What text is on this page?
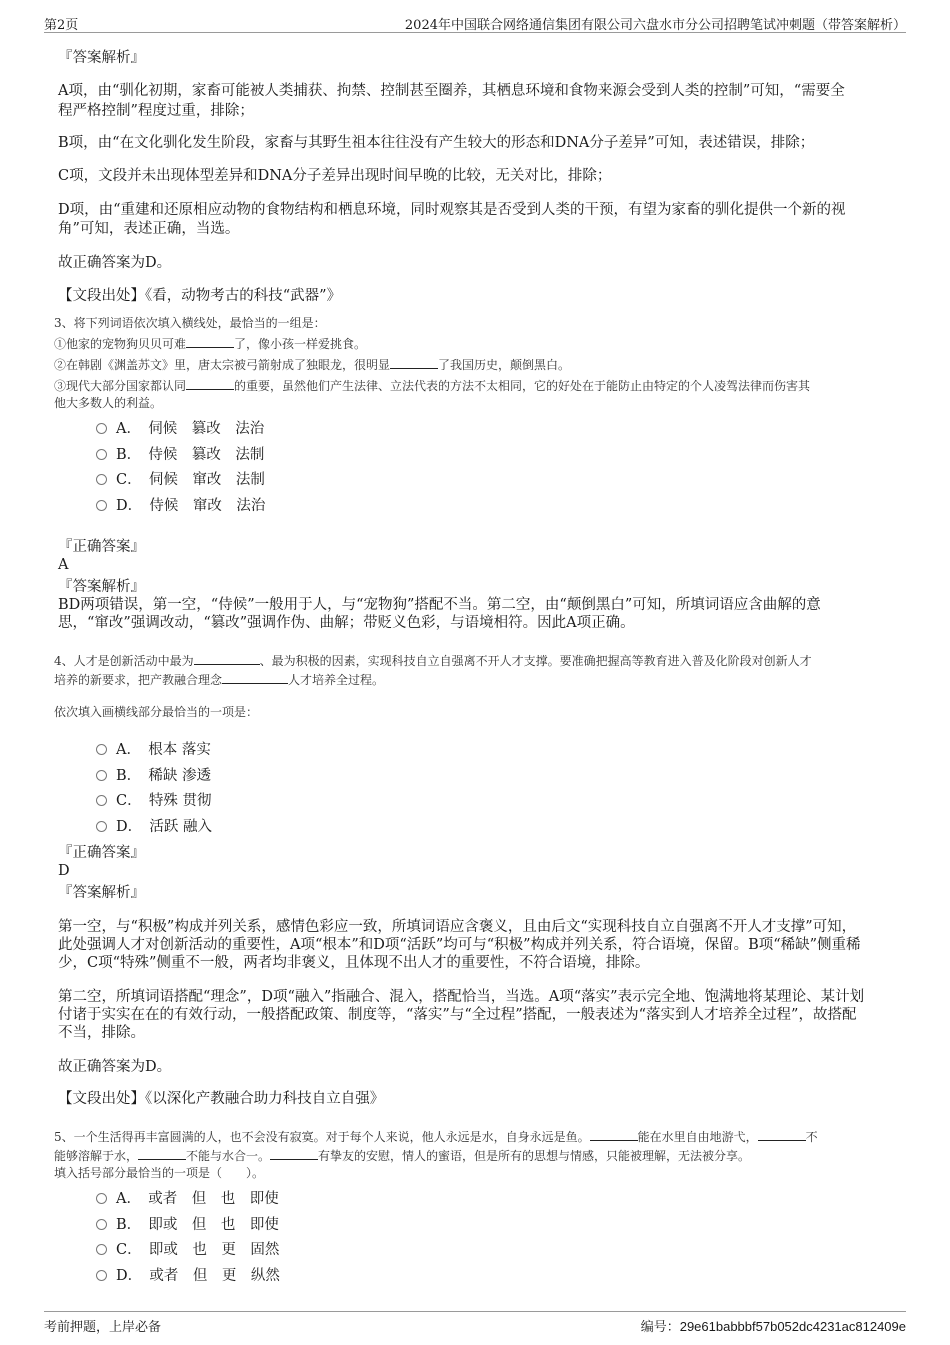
第2页	2024年中国联合网络通信集团有限公司六盘水市分公司招聘笔试冲刺题（带答案解析）
『答案解析』
A项，由“驯化初期，家畜可能被人类捕获、拘禁、控制甚至圈养，其栖息环境和食物来源会受到人类的控制”可知，“需要全
程严格控制”程度过重，排除；
B项，由“在文化驯化发生阶段，家畜与其野生祖本往往没有产生较大的形态和DNA分子差异”可知，表述错误，排除；
C项，文段并未出现体型差异和DNA分子差异出现时间早晚的比较，无关对比，排除；
D项，由“重建和还原相应动物的食物结构和栖息环境，同时观察其是否受到人类的干预，有望为家畜的驯化提供一个新的视
角”可知，表述正确，当选。
故正确答案为D。
【文段出处】《看，动物考古的科技“武器”》
3、将下列词语依次填入横线处，最恰当的一组是：
①他家的宠物狗贝贝可难	了，像小孩一样爱挑食。
②在韩剧《渊盖苏文》里，唐太宗被弓箭射成了独眼龙，很明显	了我国历史，颠倒黑白。
③现代大部分国家都认同	的重要，虽然他们产生法律、立法代表的方法不太相同，它的好处在于能防止由特定的个人凌驾法律而伤害其
他大多数人的利益。
A．　伺候　篡改　法治
B．　侍候　篡改　法制
C．　伺候　窜改　法制
D．　侍候　窜改　法治
『正确答案』
A
『答案解析』
BD两项错误，第一空，“侍候”一般用于人，与“宠物狗”搭配不当。第二空，由“颠倒黑白”可知，所填词语应含曲解的意
思，“窜改”强调改动，“篡改”强调作伪、曲解；带贬义色彩，与语境相符。因此A项正确。
4、人才是创新活动中最为	、最为积极的因素，实现科技自立自强离不开人才支撑。要准确把握高等教育进入普及化阶段对创新人才
培养的新要求，把产教融合理念	人才培养全过程。
依次填入画横线部分最恰当的一项是：
A．　根本 落实
B．　稀缺 渗透
C．　特殊 贯彻
D．　活跃 融入
『正确答案』
D
『答案解析』
第一空，与“积极”构成并列关系，感情色彩应一致，所填词语应含褒义，且由后文“实现科技自立自强离不开人才支撑”可知，
此处强调人才对创新活动的重要性，A项“根本”和D项“活跃”均可与“积极”构成并列关系，符合语境，保留。B项“稀缺”侧重稀
少，C项“特殊”侧重不一般，两者均非褒义，且体现不出人才的重要性，不符合语境，排除。
第二空，所填词语搭配“理念”，D项“融入”指融合、混入，搭配恰当，当选。A项“落实”表示完全地、饱满地将某理论、某计划
付诸于实实在在的有效行动，一般搭配政策、制度等，“落实”与“全过程”搭配，一般表述为“落实到人才培养全过程”，故搭配
不当，排除。
故正确答案为D。
【文段出处】《以深化产教融合助力科技自立自强》
5、一个生活得再丰富圆满的人，也不会没有寂寞。对于每个人来说，他人永远是水，自身永远是鱼。	能在水里自由地游弋，	不
能够溶解于水，	不能与水合一。	有挚友的安慰，情人的蜜语，但是所有的思想与情感，只能被理解，无法被分享。
填入括号部分最恰当的一项是（　　）。
A．　或者　但　也　即使
B．　即或　但　也　即使
C．　即或　也　更　固然
D．　或者　但　更　纵然
考前押题，上岸必备	编号：29e61babbbf57b052dc4231ac812409e
